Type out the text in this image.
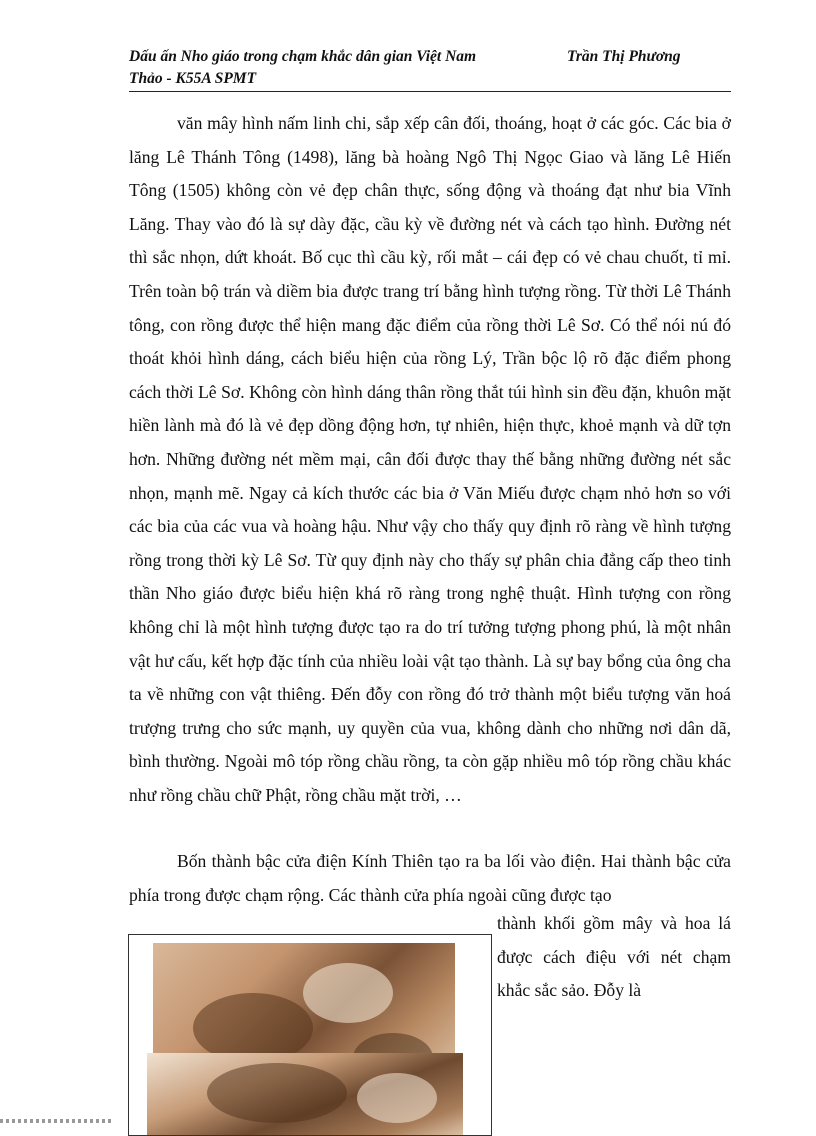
Dấu ấn Nho giáo trong chạm khắc dân gian Việt Nam	Trần Thị Phương
Thảo - K55A SPMT

văn mây hình nấm linh chi, sắp xếp cân đối, thoáng, hoạt ở các góc. Các bia ở lăng Lê Thánh Tông (1498), lăng bà hoàng Ngô Thị Ngọc Giao và lăng Lê Hiến Tông (1505) không còn vẻ đẹp chân thực, sống động và thoáng đạt như bia Vĩnh Lăng. Thay vào đó là sự dày đặc, cầu kỳ về đường nét và cách tạo hình. Đường nét thì sắc nhọn, dứt khoát. Bố cục thì cầu kỳ, rối mắt – cái đẹp có vẻ chau chuốt, tỉ mỉ. Trên toàn bộ trán và diềm bia được trang trí bằng hình tượng rồng. Từ thời Lê Thánh tông, con rồng được thể hiện mang đặc điểm của rồng thời Lê Sơ. Có thể nói nú đó thoát khỏi hình dáng, cách biểu hiện của rồng Lý, Trần bộc lộ rõ đặc điểm phong cách thời Lê Sơ. Không còn hình dáng thân rồng thắt túi hình sin đều đặn, khuôn mặt hiền lành mà đó là vẻ đẹp dồng động hơn, tự nhiên, hiện thực, khoẻ mạnh và dữ tợn hơn. Những đường nét mềm mại, cân đối được thay thế bằng những đường nét sắc nhọn, mạnh mẽ. Ngay cả kích thước các bia ở Văn Miếu được chạm nhỏ hơn so với các bia của các vua và hoàng hậu. Như vậy cho thấy quy định rõ ràng về hình tượng rồng trong thời kỳ Lê Sơ. Từ quy định này cho thấy sự phân chia đẳng cấp theo tinh thần Nho giáo được biểu hiện khá rõ ràng trong nghệ thuật. Hình tượng con rồng không chỉ là một hình tượng được tạo ra do trí tưởng tượng phong phú, là một nhân vật hư cấu, kết hợp đặc tính của nhiều loài vật tạo thành. Là sự bay bổng của ông cha ta về những con vật thiêng. Đến đỗy con rồng đó trở thành một biểu tượng văn hoá trượng trưng cho sức mạnh, uy quyền của vua, không dành cho những nơi dân dã, bình thường. Ngoài mô tóp rồng chầu rồng, ta còn gặp nhiều mô tóp rồng chầu khác như rồng chầu chữ Phật, rồng chầu mặt trời, …

Bốn thành bậc cửa điện Kính Thiên tạo ra ba lối vào điện. Hai thành bậc cửa phía trong được chạm rộng. Các thành cửa phía ngoài cũng được tạo

thành khối gồm mây và hoa lá được cách điệu với nét chạm khắc sắc sảo. Đỗy là
